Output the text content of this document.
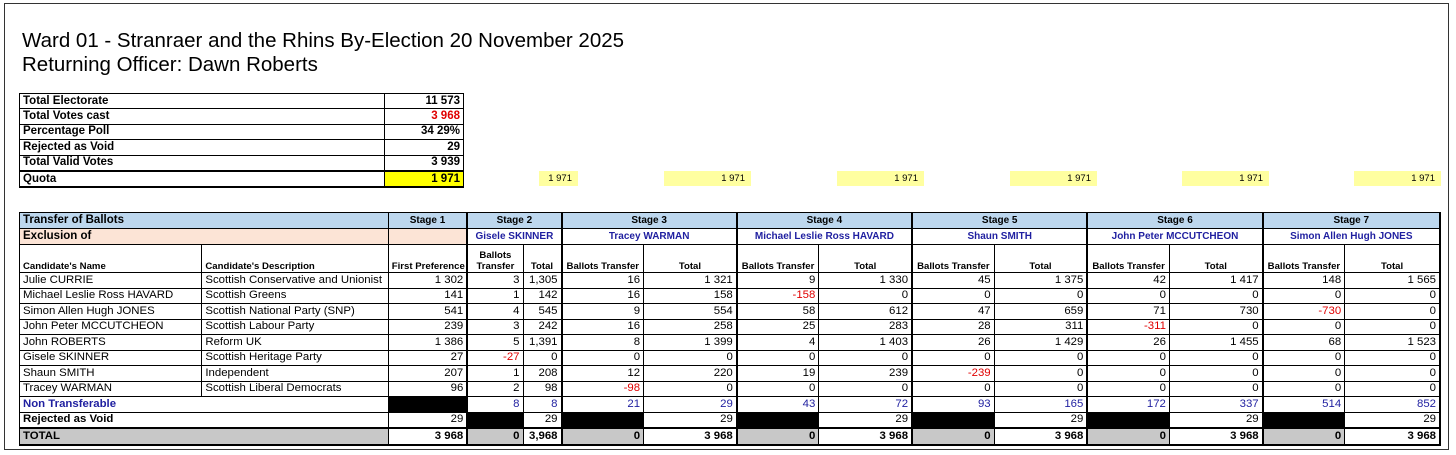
Ward 01 - Stranraer and the Rhins By-Election 20 November 2025
Returning Officer: Dawn Roberts
Total Electorate	11 573
Total Votes cast	3 968
Percentage Poll	34 29%
Rejected as Void	29
Total Valid Votes	3 939
Quota	1 971	1 971	1 971	1 971	1 971	1 971	1 971
Transfer of Ballots		Stage 1	Stage 2		Stage 3		Stage 4		Stage 5		Stage 6		Stage 7	
Exclusion of			Gisele SKINNER		Tracey WARMAN		Michael Leslie Ross HAVARD		Shaun SMITH		John Peter MCCUTCHEON		Simon Allen Hugh JONES	
Candidate's Name	Candidate's Description	First Preference	Ballots Transfer	Total	Ballots Transfer	Total	Ballots Transfer	Total	Ballots Transfer	Total	Ballots Transfer	Total	Ballots Transfer	Total
Julie CURRIE	Scottish Conservative and Unionist	1 302	3	1,305	16	1 321	9	1 330	45	1 375	42	1 417	148	1 565
Michael Leslie Ross HAVARD	Scottish Greens	141	1	142	16	158	-158	0	0	0	0	0	0	0
Simon Allen Hugh JONES	Scottish National Party (SNP)	541	4	545	9	554	58	612	47	659	71	730	-730	0
John Peter MCCUTCHEON	Scottish Labour Party	239	3	242	16	258	25	283	28	311	-311	0	0	0
John ROBERTS	Reform UK	1 386	5	1,391	8	1 399	4	1 403	26	1 429	26	1 455	68	1 523
Gisele SKINNER	Scottish Heritage Party	27	-27	0	0	0	0	0	0	0	0	0	0	0
Shaun SMITH	Independent	207	1	208	12	220	19	239	-239	0	0	0	0	0
Tracey WARMAN	Scottish Liberal Democrats	96	2	98	-98	0	0	0	0	0	0	0	0	0
Non Transferable			8	8	21	29	43	72	93	165	172	337	514	852
Rejected as Void		29		29		29		29		29		29		29
TOTAL		3 968	0	3,968	0	3 968	0	3 968	0	3 968	0	3 968	0	3 968
